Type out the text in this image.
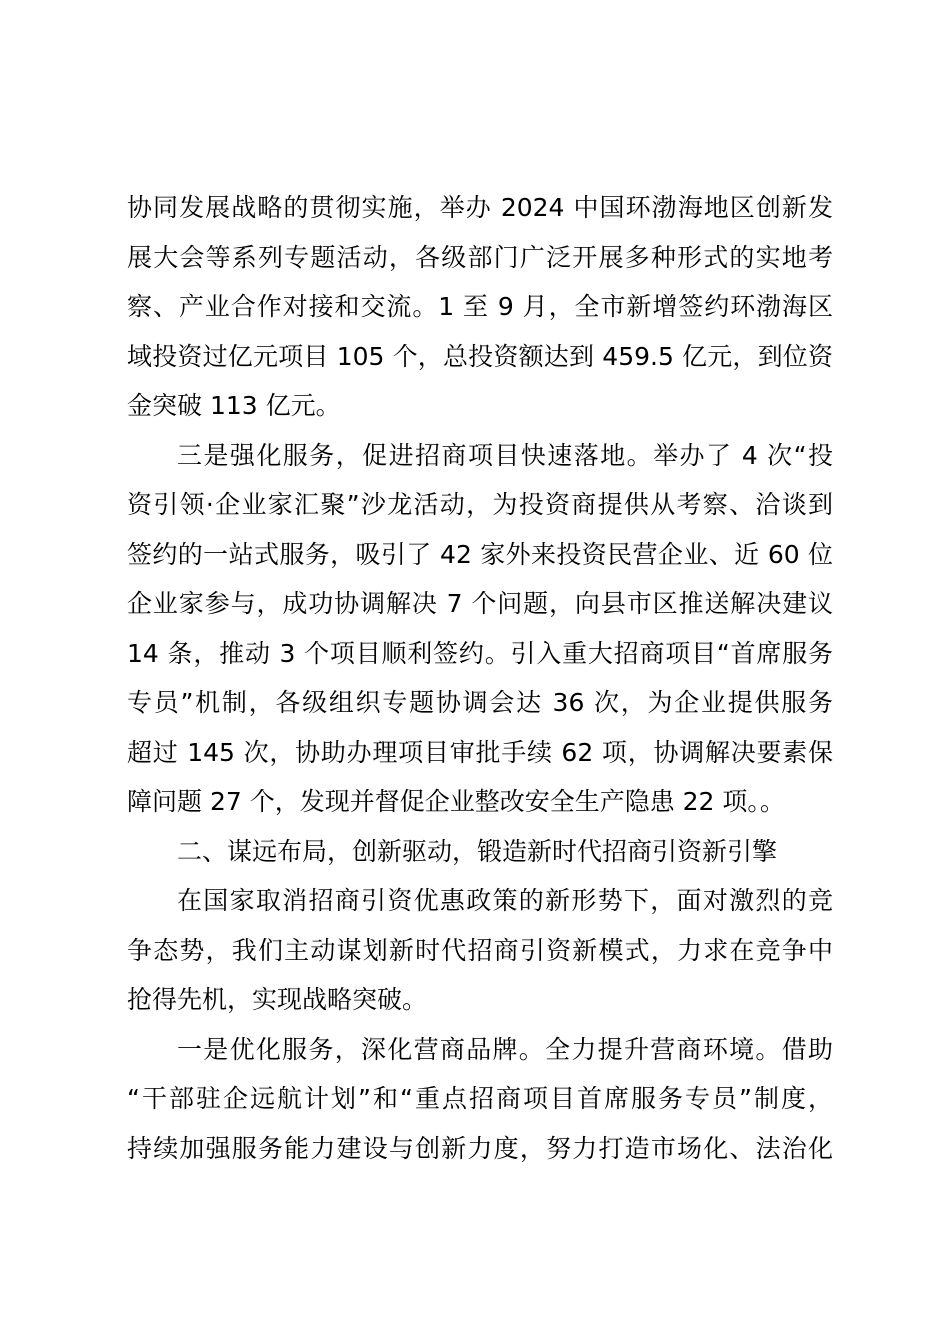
协同发展战略的贯彻实施，举办 2024 中国环渤海地区创新发
展大会等系列专题活动，各级部门广泛开展多种形式的实地考
察、产业合作对接和交流。1 至 9 月，全市新增签约环渤海区
域投资过亿元项目 105 个，总投资额达到 459.5 亿元，到位资
金突破 113 亿元。
三是强化服务，促进招商项目快速落地。举办了 4 次“投
资引领·企业家汇聚”沙龙活动，为投资商提供从考察、洽谈到
签约的一站式服务，吸引了 42 家外来投资民营企业、近 60 位
企业家参与，成功协调解决 7 个问题，向县市区推送解决建议
14 条，推动 3 个项目顺利签约。引入重大招商项目“首席服务
专员”机制，各级组织专题协调会达 36 次，为企业提供服务
超过 145 次，协助办理项目审批手续 62 项，协调解决要素保
障问题 27 个，发现并督促企业整改安全生产隐患 22 项。。
二、谋远布局，创新驱动，锻造新时代招商引资新引擎
在国家取消招商引资优惠政策的新形势下，面对激烈的竞
争态势，我们主动谋划新时代招商引资新模式，力求在竞争中
抢得先机，实现战略突破。
一是优化服务，深化营商品牌。全力提升营商环境。借助
“干部驻企远航计划”和“重点招商项目首席服务专员”制度，
持续加强服务能力建设与创新力度，努力打造市场化、法治化
